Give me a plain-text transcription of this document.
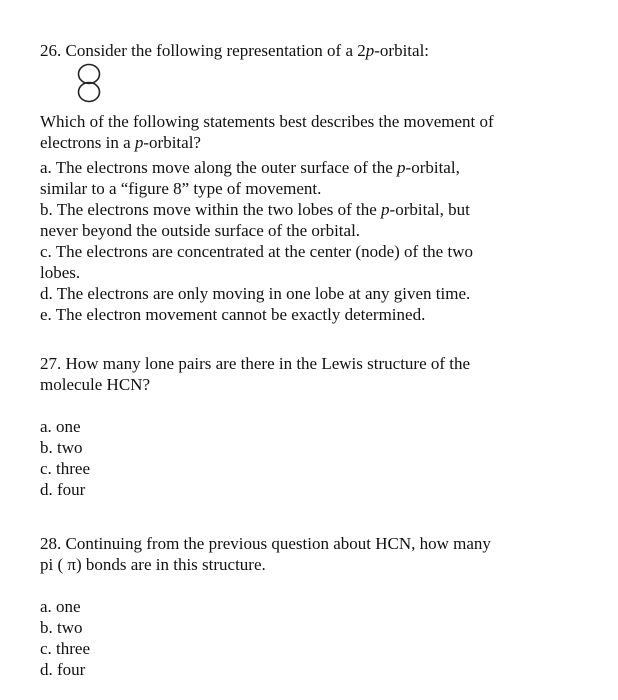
26. Consider the following representation of a 2p-orbital:

Which of the following statements best describes the movement of
electrons in a p-orbital?
a. The electrons move along the outer surface of the p-orbital,
similar to a “figure 8” type of movement.
b. The electrons move within the two lobes of the p-orbital, but
never beyond the outside surface of the orbital.
c. The electrons are concentrated at the center (node) of the two
lobes.
d. The electrons are only moving in one lobe at any given time.
e. The electron movement cannot be exactly determined.
27. How many lone pairs are there in the Lewis structure of the
molecule HCN?
a. one
b. two
c. three
d. four
28. Continuing from the previous question about HCN, how many
pi ( π) bonds are in this structure.
a. one
b. two
c. three
d. four
